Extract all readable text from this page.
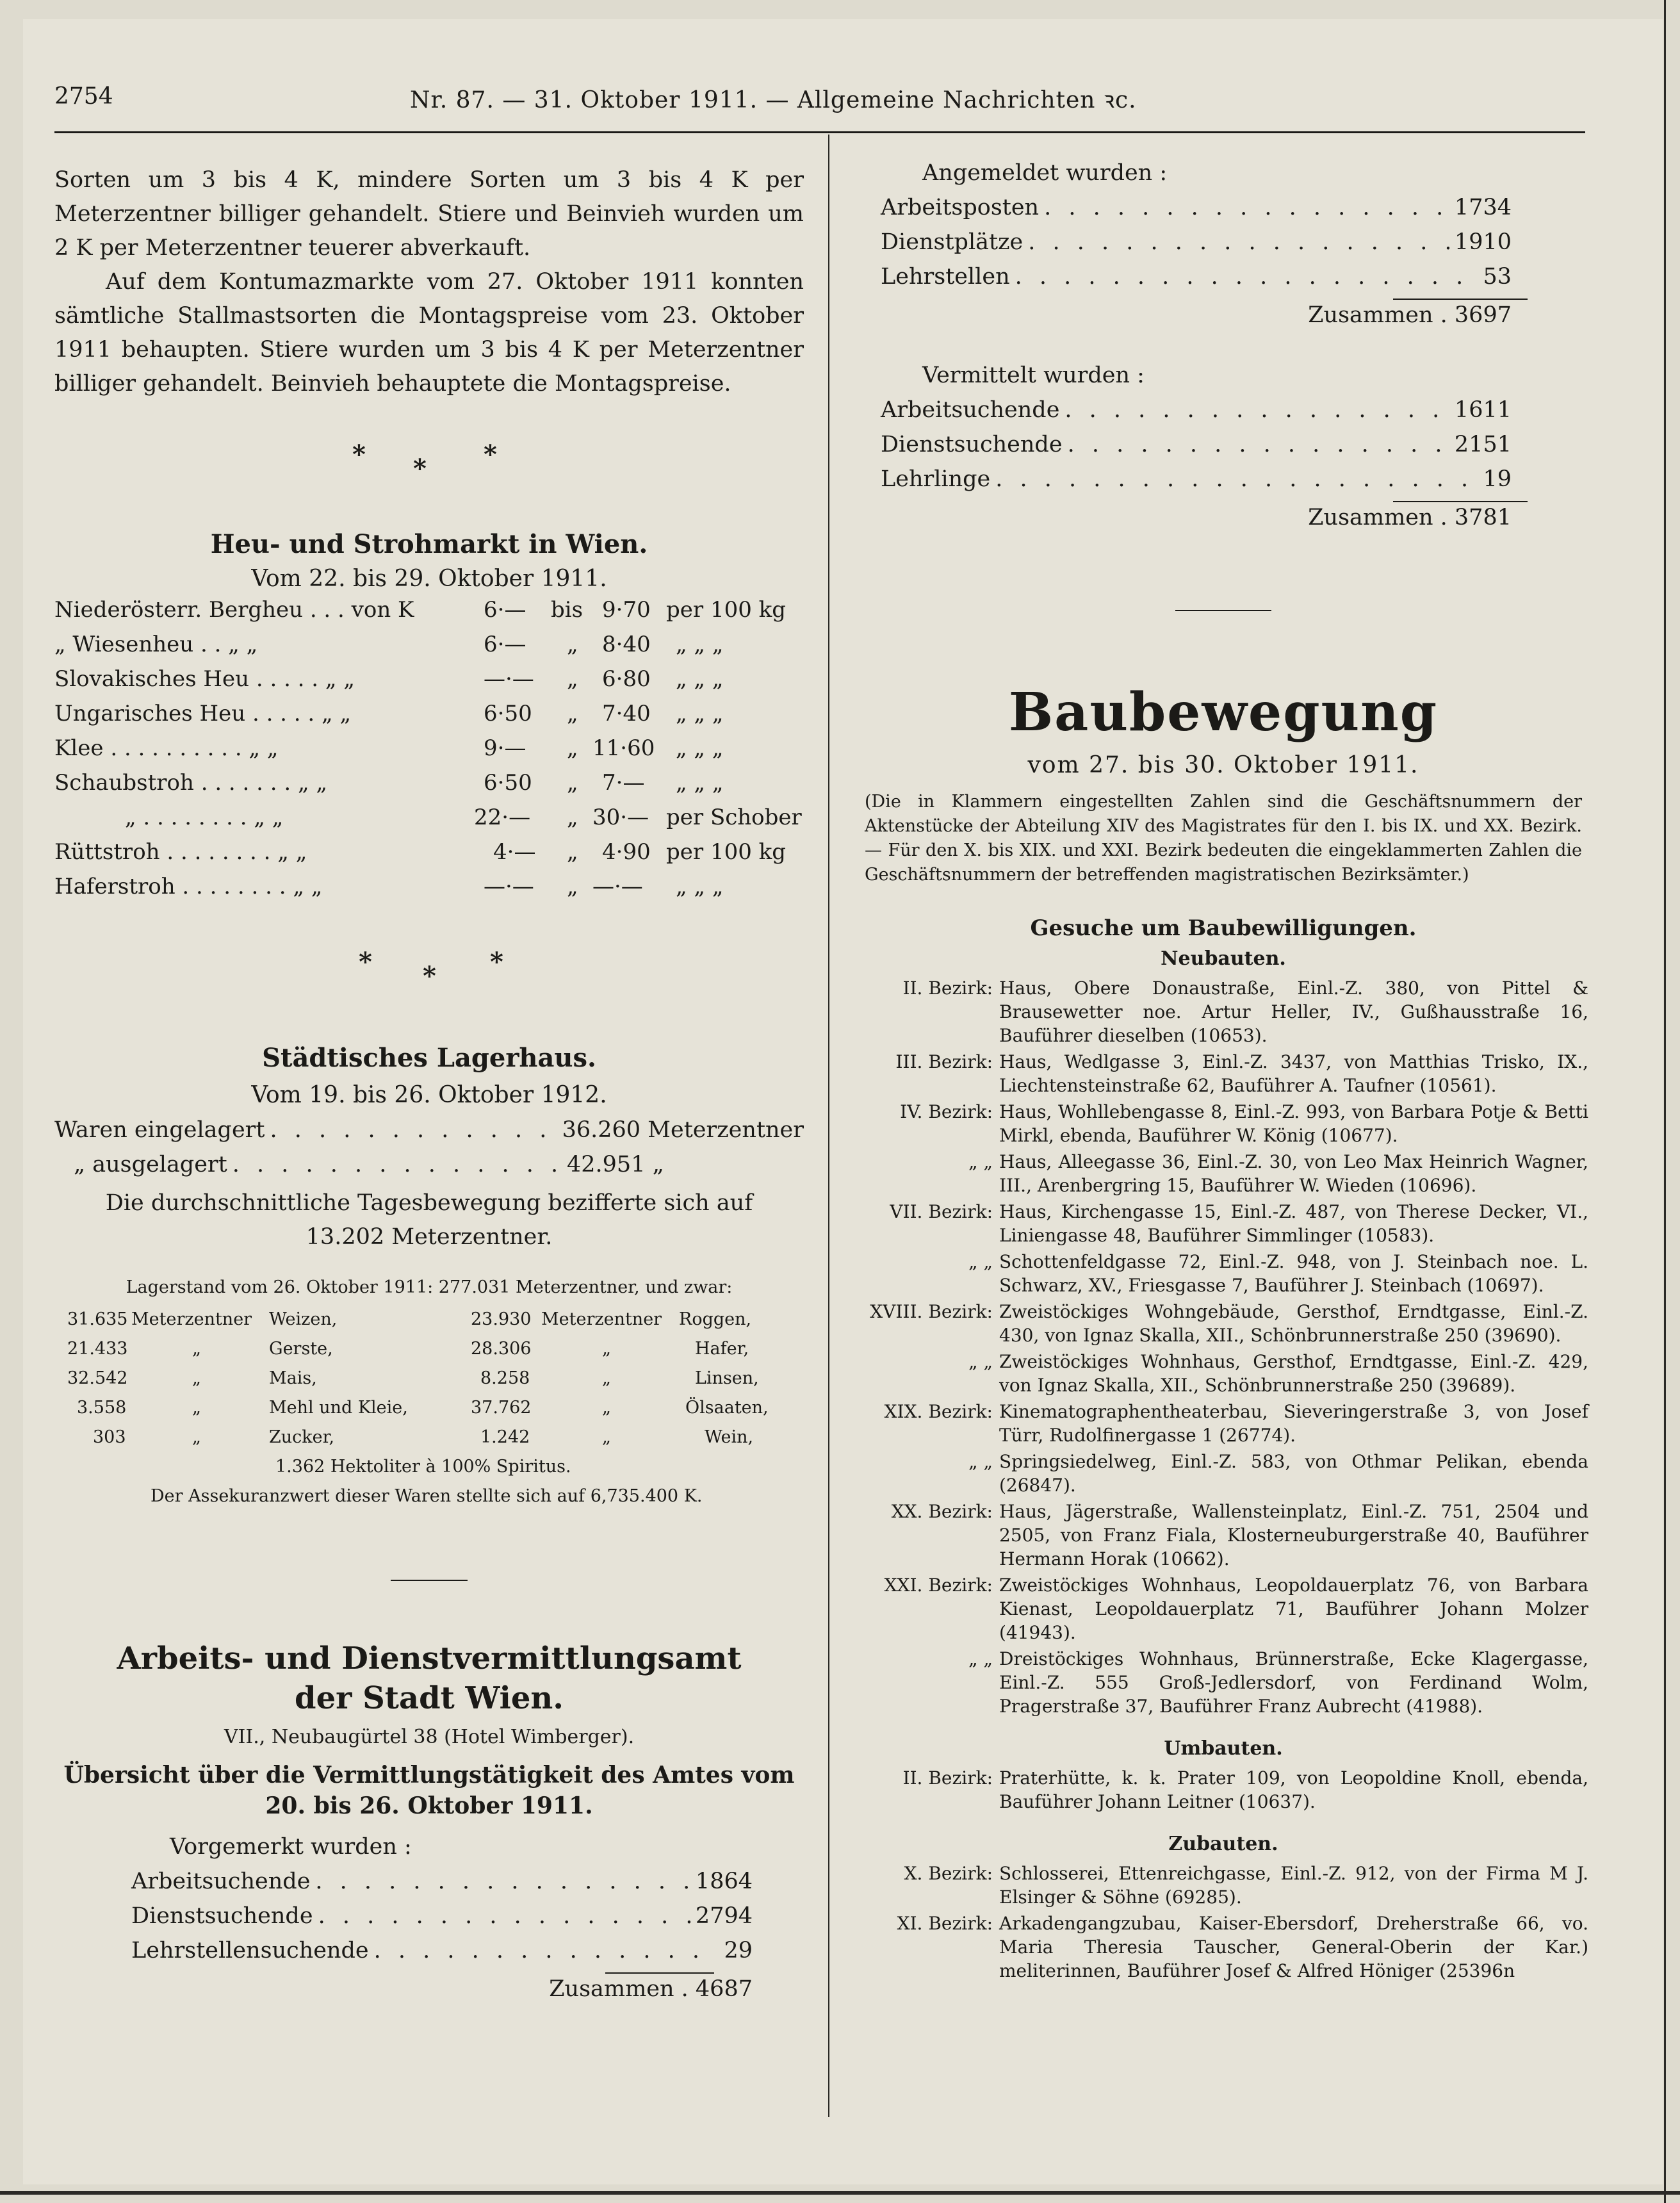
2754	Nr. 87. — 31. Oktober 1911. — Allgemeine Nachrichten ꝛc.

Sorten um 3 bis 4 K, mindere Sorten um 3 bis 4 K per Meterzentner billiger gehandelt. Stiere und Beinvieh wurden um 2 K per Meterzentner teuerer abverkauft.

Auf dem Kontumazmarkte vom 27. Oktober 1911 konnten sämtliche Stallmastsorten die Montagspreise vom 23. Oktober 1911 behaupten. Stiere wurden um 3 bis 4 K per Meterzentner billiger gehandelt. Beinvieh behauptete die Montagspreise.

* * *
Heu- und Strohmarkt in Wien.
Vom 22. bis 29. Oktober 1911.
Niederösterr. Bergheu . . . von K	6·— bis 9·70 per 100 kg
„ Wiesenheu . . „ „	6·— „ 8·40 „ „ „
Slovakisches Heu . . . . . „ „	—·— „ 6·80 „ „ „
Ungarisches Heu . . . . . „ „	6·50 „ 7·40 „ „ „
Klee . . . . . . . . . . „ „	9·— „ 11·60 „ „ „
Schaubstroh . . . . . . . „ „	6·50 „ 7·— „ „ „
„ . . . . . . . . „ „	22·— „ 30·— per Schober
Rüttstroh . . . . . . . . „ „	4·— „ 4·90 per 100 kg
Haferstroh . . . . . . . . „ „	—·— „ —·— „ „ „
* * *
Städtisches Lagerhaus.
Vom 19. bis 26. Oktober 1912.
Waren eingelagert . . .	36.260 Meterzentner
„ ausgelagert . . .	42.951 „

Die durchschnittliche Tagesbewegung bezifferte sich auf 13.202 Meterzentner.

Lagerstand vom 26. Oktober 1911: 277.031 Meterzentner, und zwar:
31.635 Meterzentner Weizen,	23.930 Meterzentner Roggen,
21.433	„	Gerste,	28.306	„	Hafer,
32.542	„	Mais,	8.258	„	Linsen,
3.558	„	Mehl und Kleie,	37.762	„	Ölsaaten,
303	„	Zucker,	1.242	„	Wein,
1.362 Hektoliter à 100% Spiritus.
Der Assekuranzwert dieser Waren stellte sich auf 6,735.400 K.
Arbeits- und Dienstvermittlungsamt
der Stadt Wien.
VII., Neubaugürtel 38 (Hotel Wimberger).
Übersicht über die Vermittlungstätigkeit des Amtes vom
20. bis 26. Oktober 1911.
Vorgemerkt wurden :
Arbeitsuchende . . .	1864
Dienstsuchende . . .	2794
Lehrstellensuchende . . .	29
Zusammen . 4687
Angemeldet wurden :
Arbeitsposten . . .	1734
Dienstplätze . . .	1910
Lehrstellen . . .	53
Zusammen . 3697
Vermittelt wurden :
Arbeitsuchende . . .	1611
Dienstsuchende . . .	2151
Lehrlinge . . .	19
Zusammen . 3781
Baubewegung
vom 27. bis 30. Oktober 1911.
(Die in Klammern eingestellten Zahlen sind die Geschäftsnummern der Aktenstücke der Abteilung XIV des Magistrates für den I. bis IX. und XX. Bezirk. — Für den X. bis XIX. und XXI. Bezirk bedeuten die eingeklammerten Zahlen die Geschäftsnummern der betreffenden magistratischen Bezirksämter.)
Gesuche um Baubewilligungen.
Neubauten.
II. Bezirk: Haus, Obere Donaustraße, Einl.-Z. 380, von Pittel & Brausewetter noe. Artur Heller, IV., Gußhausstraße 16, Bauführer dieselben (10653).
III. Bezirk: Haus, Wedlgasse 3, Einl.-Z. 3437, von Matthias Trisko, IX., Liechtensteinstraße 62, Bauführer A. Taufner (10561).
IV. Bezirk: Haus, Wohllebengasse 8, Einl.-Z. 993, von Barbara Potje & Betti Mirkl, ebenda, Bauführer W. König (10677).
„ „ Haus, Alleegasse 36, Einl.-Z. 30, von Leo Max Heinrich Wagner, III., Arenbergring 15, Bauführer W. Wieden (10696).
VII. Bezirk: Haus, Kirchengasse 15, Einl.-Z. 487, von Therese Decker, VI., Liniengasse 48, Bauführer Simmlinger (10583).
„ „ Schottenfeldgasse 72, Einl.-Z. 948, von J. Steinbach noe. L. Schwarz, XV., Friesgasse 7, Bauführer J. Steinbach (10697).
XVIII. Bezirk: Zweistöckiges Wohngebäude, Gersthof, Erndtgasse, Einl.-Z. 430, von Ignaz Skalla, XII., Schönbrunnerstraße 250 (39690).
„ „ Zweistöckiges Wohnhaus, Gersthof, Erndtgasse, Einl.-Z. 429, von Ignaz Skalla, XII., Schönbrunnerstraße 250 (39689).
XIX. Bezirk: Kinematographentheaterbau, Sieveringerstraße 3, von Josef Türr, Rudolfinergasse 1 (26774).
„ „ Springsiedelweg, Einl.-Z. 583, von Othmar Pelikan, ebenda (26847).
XX. Bezirk: Haus, Jägerstraße, Wallensteinplatz, Einl.-Z. 751, 2504 und 2505, von Franz Fiala, Klosterneuburgerstraße 40, Bauführer Hermann Horak (10662).
XXI. Bezirk: Zweistöckiges Wohnhaus, Leopoldauerplatz 76, von Barbara Kienast, Leopoldauerplatz 71, Bauführer Johann Molzer (41943).
„ „ Dreistöckiges Wohnhaus, Brünnerstraße, Ecke Klagergasse, Einl.-Z. 555 Groß-Jedlersdorf, von Ferdinand Wolm, Pragerstraße 37, Bauführer Franz Aubrecht (41988).
Umbauten.
II. Bezirk: Praterhütte, k. k. Prater 109, von Leopoldine Knoll, ebenda, Bauführer Johann Leitner (10637).
Zubauten.
X. Bezirk: Schlosserei, Ettenreichgasse, Einl.-Z. 912, von der Firma M J. Elsinger & Söhne (69285).
XI. Bezirk: Arkadengangzubau, Kaiser-Ebersdorf, Dreherstraße 66, vo. Maria Theresia Tauscher, General-Oberin der Kar.) meliterinnen, Bauführer Josef & Alfred Höniger (25396n
